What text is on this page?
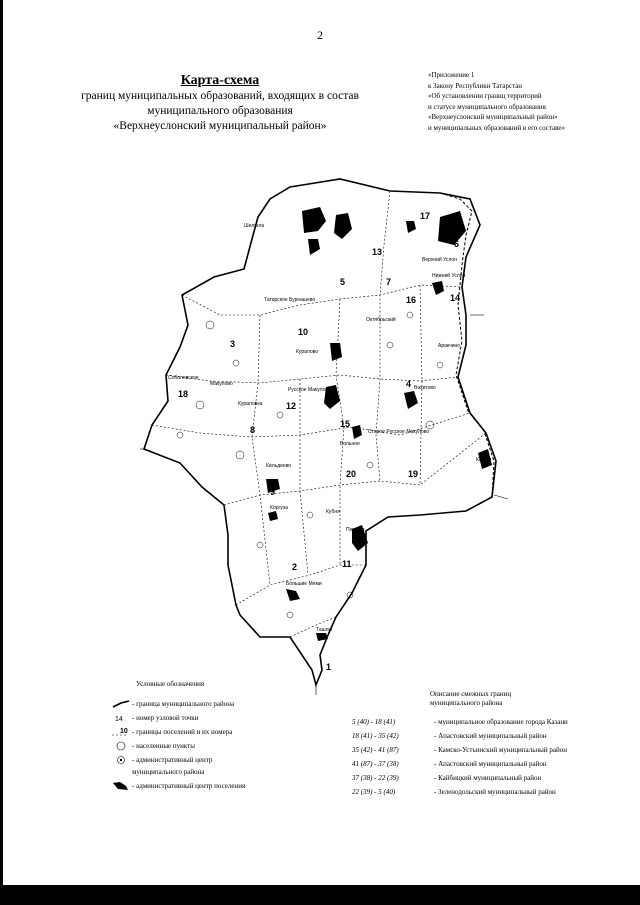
2
Карта-схема
границ муниципальных образований, входящих в состав
муниципального образования
«Верхнеуслонский муниципальный район»
«Приложение 1
к Закону Республики Татарстан
«Об установлении границ территорий
и статусе муниципального образования
«Верхнеуслонский муниципальный район»
и муниципальных образований в его составе»
1
2
3
4
5
6
7
8
9
10
11
12
13
14
15
16
17
18
19
20
Татарское Бурнашево
Куралово
Русское Макулово
Кильдеево
Коргуза
Кубня
Большие Меми
Ташлы
Верхний Услон
Нижний Услон
Шеланга
Октябрьский
Вахитово
Вольное
Старое Русское Макулово
Печищи
Канаш
Макулово
Аракчино
Кураловка
Соболевское
Условные обозначения
- граница муниципального района
14 - номер узловой точки
10 - границы поселений и их номера
- населенные пункты
- административный центр
муниципального района
- административный центр поселения
Описание смежных границ
муниципального района
5 (40) - 18 (41)	- муниципальное образование города Казани
18 (41) - 35 (42)	- Апастовский муниципальный район
35 (42) - 41 (87)	- Камско-Устьинский муниципальный район
41 (87) - 37 (38)	- Апастовский муниципальный район
37 (38) - 22 (39)	- Кайбицкий муниципальный район
22 (39) - 5 (40)	- Зеленодольский муниципальный район
